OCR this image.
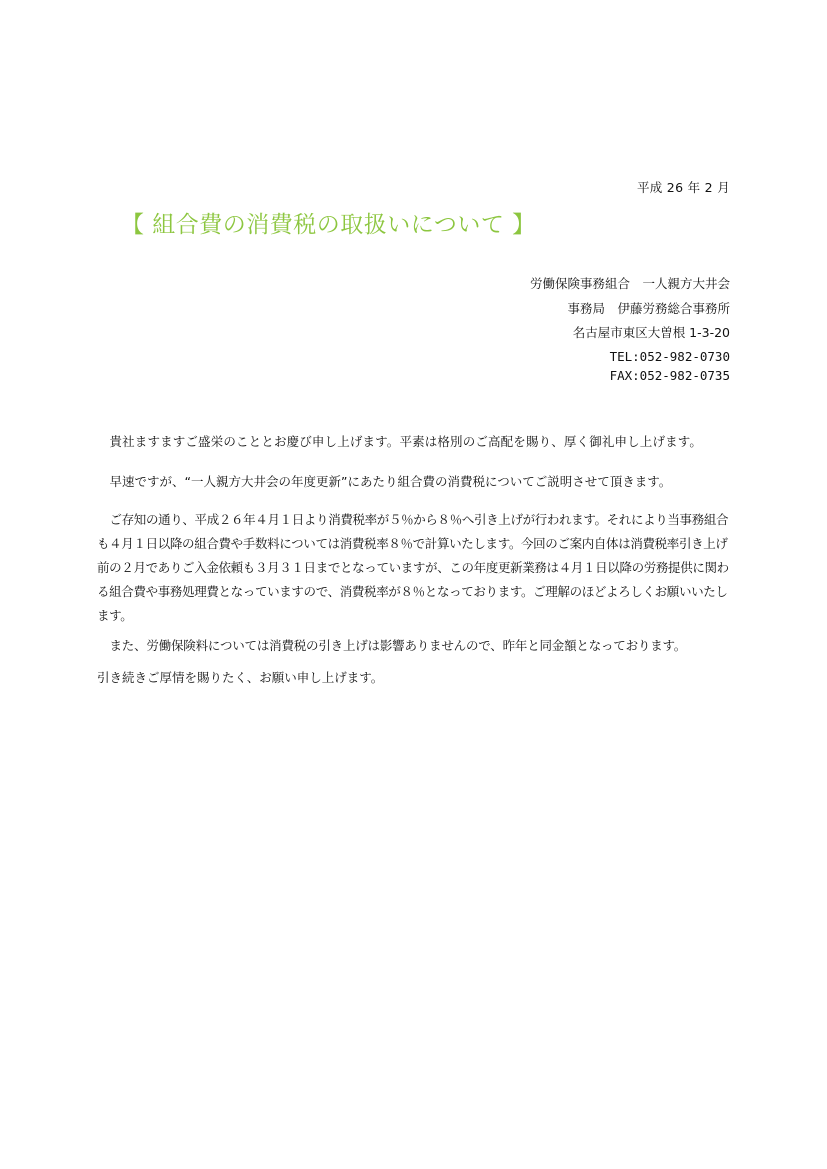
平成 26 年 2 月
【 組合費の消費税の取扱いについて 】
労働保険事務組合　一人親方大井会
事務局　伊藤労務総合事務所
名古屋市東区大曽根 1-3-20
TEL:052-982-0730
FAX:052-982-0735

貴社ますますご盛栄のこととお慶び申し上げます。平素は格別のご高配を賜り、厚く御礼申し上げます。

早速ですが、“一人親方大井会の年度更新”にあたり組合費の消費税についてご説明させて頂きます。

ご存知の通り、平成２６年４月１日より消費税率が５％から８％へ引き上げが行われます。それにより当事務組合も４月１日以降の組合費や手数料については消費税率８％で計算いたします。今回のご案内自体は消費税率引き上げ前の２月でありご入金依頼も３月３１日までとなっていますが、この年度更新業務は４月１日以降の労務提供に関わる組合費や事務処理費となっていますので、消費税率が８％となっております。ご理解のほどよろしくお願いいたします。

また、労働保険料については消費税の引き上げは影響ありませんので、昨年と同金額となっております。

引き続きご厚情を賜りたく、お願い申し上げます。
